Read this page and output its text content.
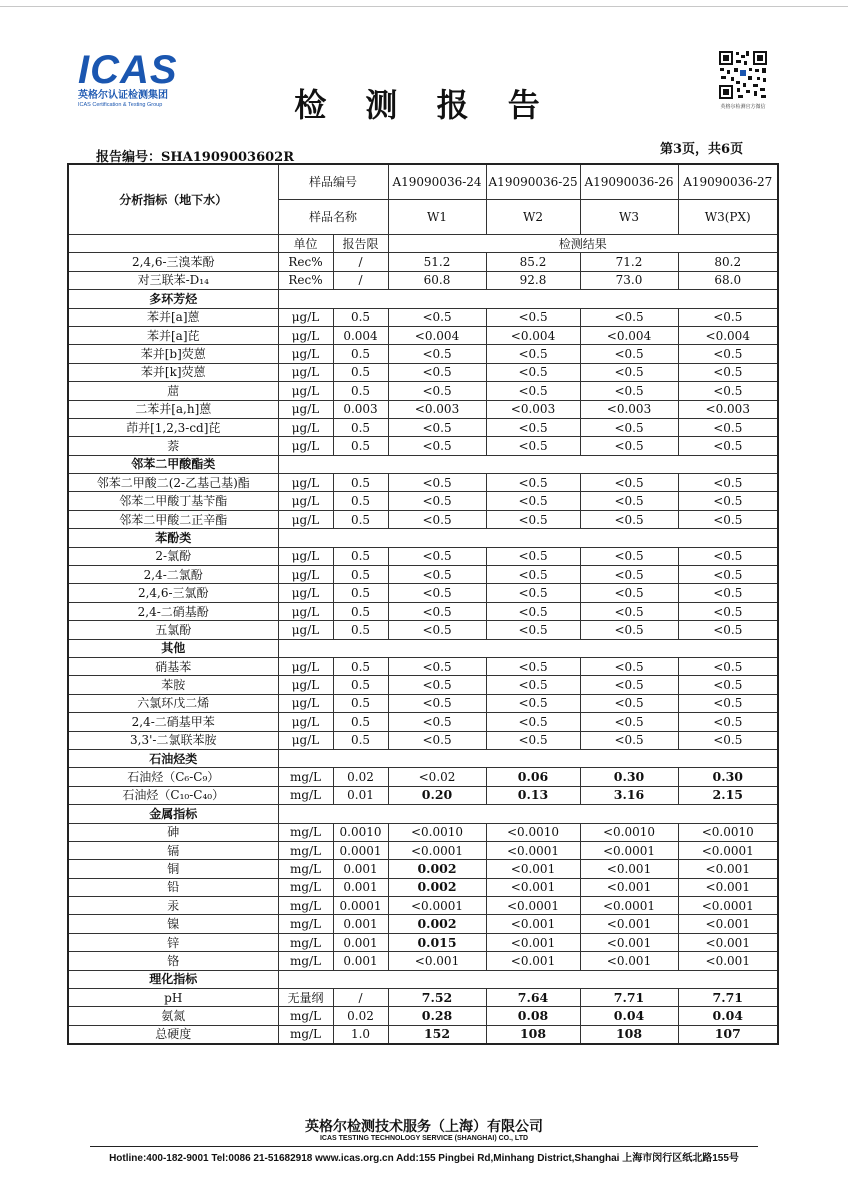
ICAS
英格尔认证检测集团
ICAS Certification & Testing Group	检 测 报 告	英格尔检测官方微信
报告编号：SHA1909003602R
第3页，共6页
分析指标（地下水）	样品编号		A19090036-24	A19090036-25	A19090036-26	A19090036-27
	样品名称		W1	W2	W3	W3(PX)
	单位	报告限	检测结果			
2,4,6-三溴苯酚	Rec%	/	51.2	85.2	71.2	80.2
对三联苯-D₁₄	Rec%	/	60.8	92.8	73.0	68.0
多环芳烃						
苯并[a]蒽	μg/L	0.5	<0.5	<0.5	<0.5	<0.5
苯并[a]芘	μg/L	0.004	<0.004	<0.004	<0.004	<0.004
苯并[b]荧蒽	μg/L	0.5	<0.5	<0.5	<0.5	<0.5
苯并[k]荧蒽	μg/L	0.5	<0.5	<0.5	<0.5	<0.5
䓛	μg/L	0.5	<0.5	<0.5	<0.5	<0.5
二苯并[a,h]蒽	μg/L	0.003	<0.003	<0.003	<0.003	<0.003
茚并[1,2,3-cd]芘	μg/L	0.5	<0.5	<0.5	<0.5	<0.5
萘	μg/L	0.5	<0.5	<0.5	<0.5	<0.5
邻苯二甲酸酯类						
邻苯二甲酸二(2-乙基己基)酯	μg/L	0.5	<0.5	<0.5	<0.5	<0.5
邻苯二甲酸丁基苄酯	μg/L	0.5	<0.5	<0.5	<0.5	<0.5
邻苯二甲酸二正辛酯	μg/L	0.5	<0.5	<0.5	<0.5	<0.5
苯酚类						
2-氯酚	μg/L	0.5	<0.5	<0.5	<0.5	<0.5
2,4-二氯酚	μg/L	0.5	<0.5	<0.5	<0.5	<0.5
2,4,6-三氯酚	μg/L	0.5	<0.5	<0.5	<0.5	<0.5
2,4-二硝基酚	μg/L	0.5	<0.5	<0.5	<0.5	<0.5
五氯酚	μg/L	0.5	<0.5	<0.5	<0.5	<0.5
其他						
硝基苯	μg/L	0.5	<0.5	<0.5	<0.5	<0.5
苯胺	μg/L	0.5	<0.5	<0.5	<0.5	<0.5
六氯环戊二烯	μg/L	0.5	<0.5	<0.5	<0.5	<0.5
2,4-二硝基甲苯	μg/L	0.5	<0.5	<0.5	<0.5	<0.5
3,3'-二氯联苯胺	μg/L	0.5	<0.5	<0.5	<0.5	<0.5
石油烃类						
石油烃（C₆-C₉）	mg/L	0.02	<0.02	0.06	0.30	0.30
石油烃（C₁₀-C₄₀）	mg/L	0.01	0.20	0.13	3.16	2.15
金属指标						
砷	mg/L	0.0010	<0.0010	<0.0010	<0.0010	<0.0010
镉	mg/L	0.0001	<0.0001	<0.0001	<0.0001	<0.0001
铜	mg/L	0.001	0.002	<0.001	<0.001	<0.001
铅	mg/L	0.001	0.002	<0.001	<0.001	<0.001
汞	mg/L	0.0001	<0.0001	<0.0001	<0.0001	<0.0001
镍	mg/L	0.001	0.002	<0.001	<0.001	<0.001
锌	mg/L	0.001	0.015	<0.001	<0.001	<0.001
铬	mg/L	0.001	<0.001	<0.001	<0.001	<0.001
理化指标						
pH	无量纲	/	7.52	7.64	7.71	7.71
氨氮	mg/L	0.02	0.28	0.08	0.04	0.04
总硬度	mg/L	1.0	152	108	108	107
英格尔检测技术服务（上海）有限公司
ICAS TESTING TECHNOLOGY SERVICE (SHANGHAI) CO., LTD
Hotline:400-182-9001 Tel:0086 21-51682918 www.icas.org.cn Add:155 Pingbei Rd,Minhang District,Shanghai 上海市闵行区纸北路155号
